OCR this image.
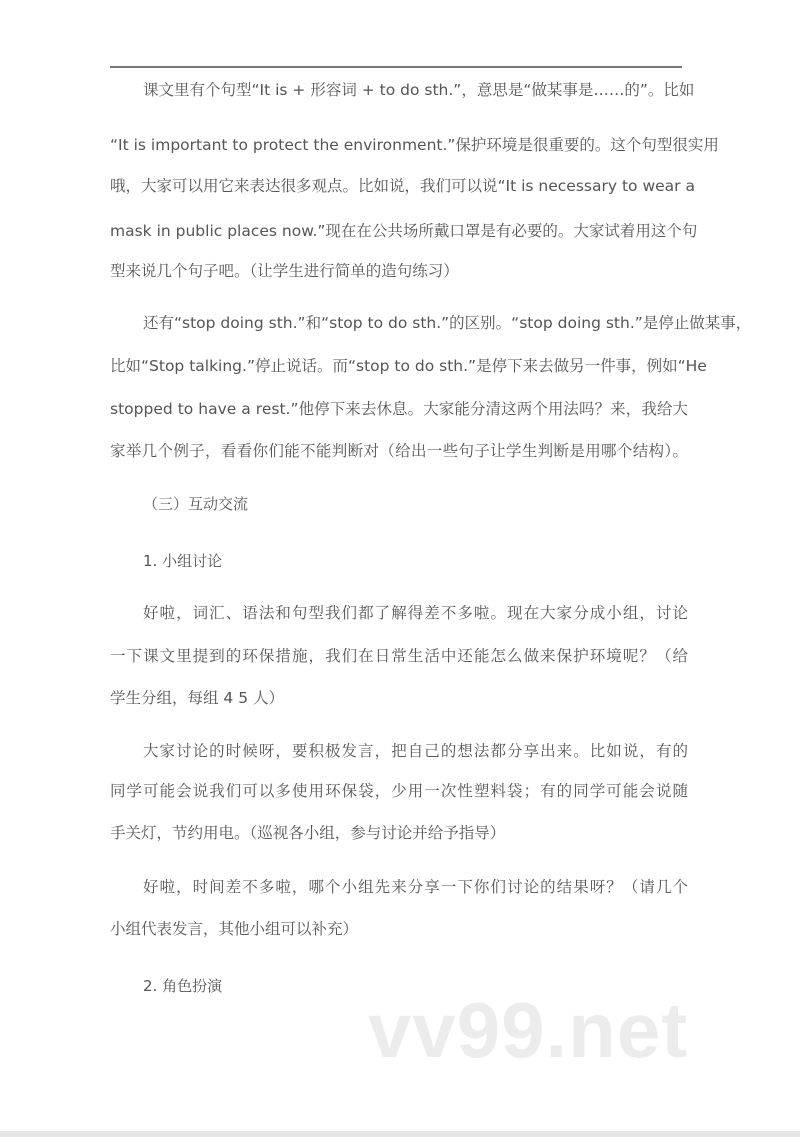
课文里有个句型“It is + 形容词 + to do sth.”，意思是“做某事是……的”。比如
“It is important to protect the environment.”保护环境是很重要的。这个句型很实用
哦，大家可以用它来表达很多观点。比如说，我们可以说“It is necessary to wear a
mask in public places now.”现在在公共场所戴口罩是有必要的。大家试着用这个句
型来说几个句子吧。（让学生进行简单的造句练习）
还有“stop doing sth.”和“stop to do sth.”的区别。“stop doing sth.”是停止做某事，
比如“Stop talking.”停止说话。而“stop to do sth.”是停下来去做另一件事，例如“He
stopped to have a rest.”他停下来去休息。大家能分清这两个用法吗？来，我给大
家举几个例子，看看你们能不能判断对（给出一些句子让学生判断是用哪个结构）。
（三）互动交流
1. 小组讨论
好啦，词汇、语法和句型我们都了解得差不多啦。现在大家分成小组，讨论
一下课文里提到的环保措施，我们在日常生活中还能怎么做来保护环境呢？（给
学生分组，每组 4 5 人）
大家讨论的时候呀，要积极发言，把自己的想法都分享出来。比如说，有的
同学可能会说我们可以多使用环保袋，少用一次性塑料袋；有的同学可能会说随
手关灯，节约用电。（巡视各小组，参与讨论并给予指导）
好啦，时间差不多啦，哪个小组先来分享一下你们讨论的结果呀？（请几个
小组代表发言，其他小组可以补充）
2. 角色扮演	vv99.net
